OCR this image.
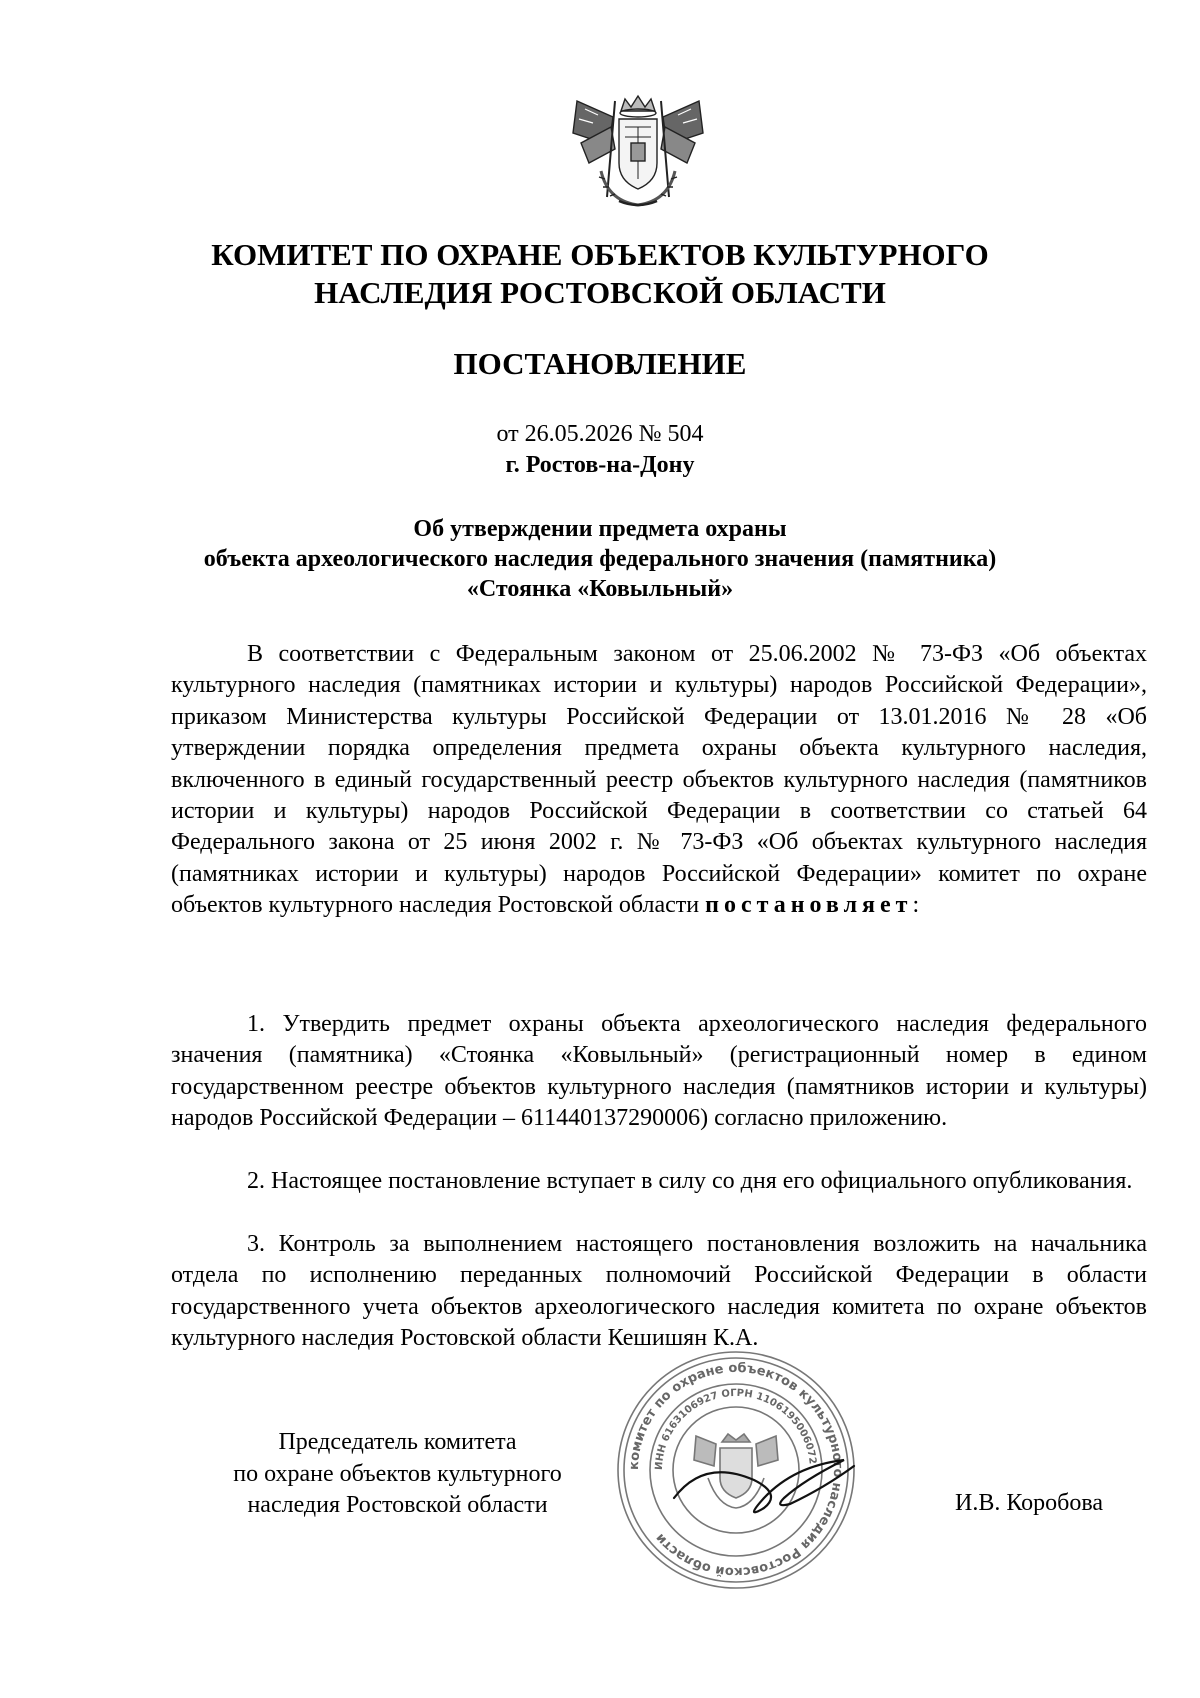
КОМИТЕТ ПО ОХРАНЕ ОБЪЕКТОВ КУЛЬТУРНОГО
НАСЛЕДИЯ РОСТОВСКОЙ ОБЛАСТИ
ПОСТАНОВЛЕНИЕ
от 26.05.2026 № 504
г. Ростов-на-Дону
Об утверждении предмета охраны
объекта археологического наследия федерального значения (памятника)
«Стоянка «Ковыльный»

В соответствии с Федеральным законом от 25.06.2002 № 73-ФЗ «Об объектах культурного наследия (памятниках истории и культуры) народов Российской Федерации», приказом Министерства культуры Российской Федерации от 13.01.2016 № 28 «Об утверждении порядка определения предмета охраны объекта культурного наследия, включенного в единый государственный реестр объектов культурного наследия (памятников истории и культуры) народов Российской Федерации в соответствии со статьей 64 Федерального закона от 25 июня 2002 г. № 73-ФЗ «Об объектах культурного наследия (памятниках истории и культуры) народов Российской Федерации» комитет по охране объектов культурного наследия Ростовской области постановляет:

1. Утвердить предмет охраны объекта археологического наследия федерального значения (памятника) «Стоянка «Ковыльный» (регистрационный номер в едином государственном реестре объектов культурного наследия (памятников истории и культуры) народов Российской Федерации – 611440137290006) согласно приложению.

2. Настоящее постановление вступает в силу со дня его официального опубликования.

3. Контроль за выполнением настоящего постановления возложить на начальника отдела по исполнению переданных полномочий Российской Федерации в области государственного учета объектов археологического наследия комитета по охране объектов культурного наследия Ростовской области Кешишян К.А.

Председатель комитета
по охране объектов культурного
наследия Ростовской области
комитет по охране объектов культурного наследия Ростовской области
ИНН 6163106927 ОГРН 1106195006072
И.В. Коробова
